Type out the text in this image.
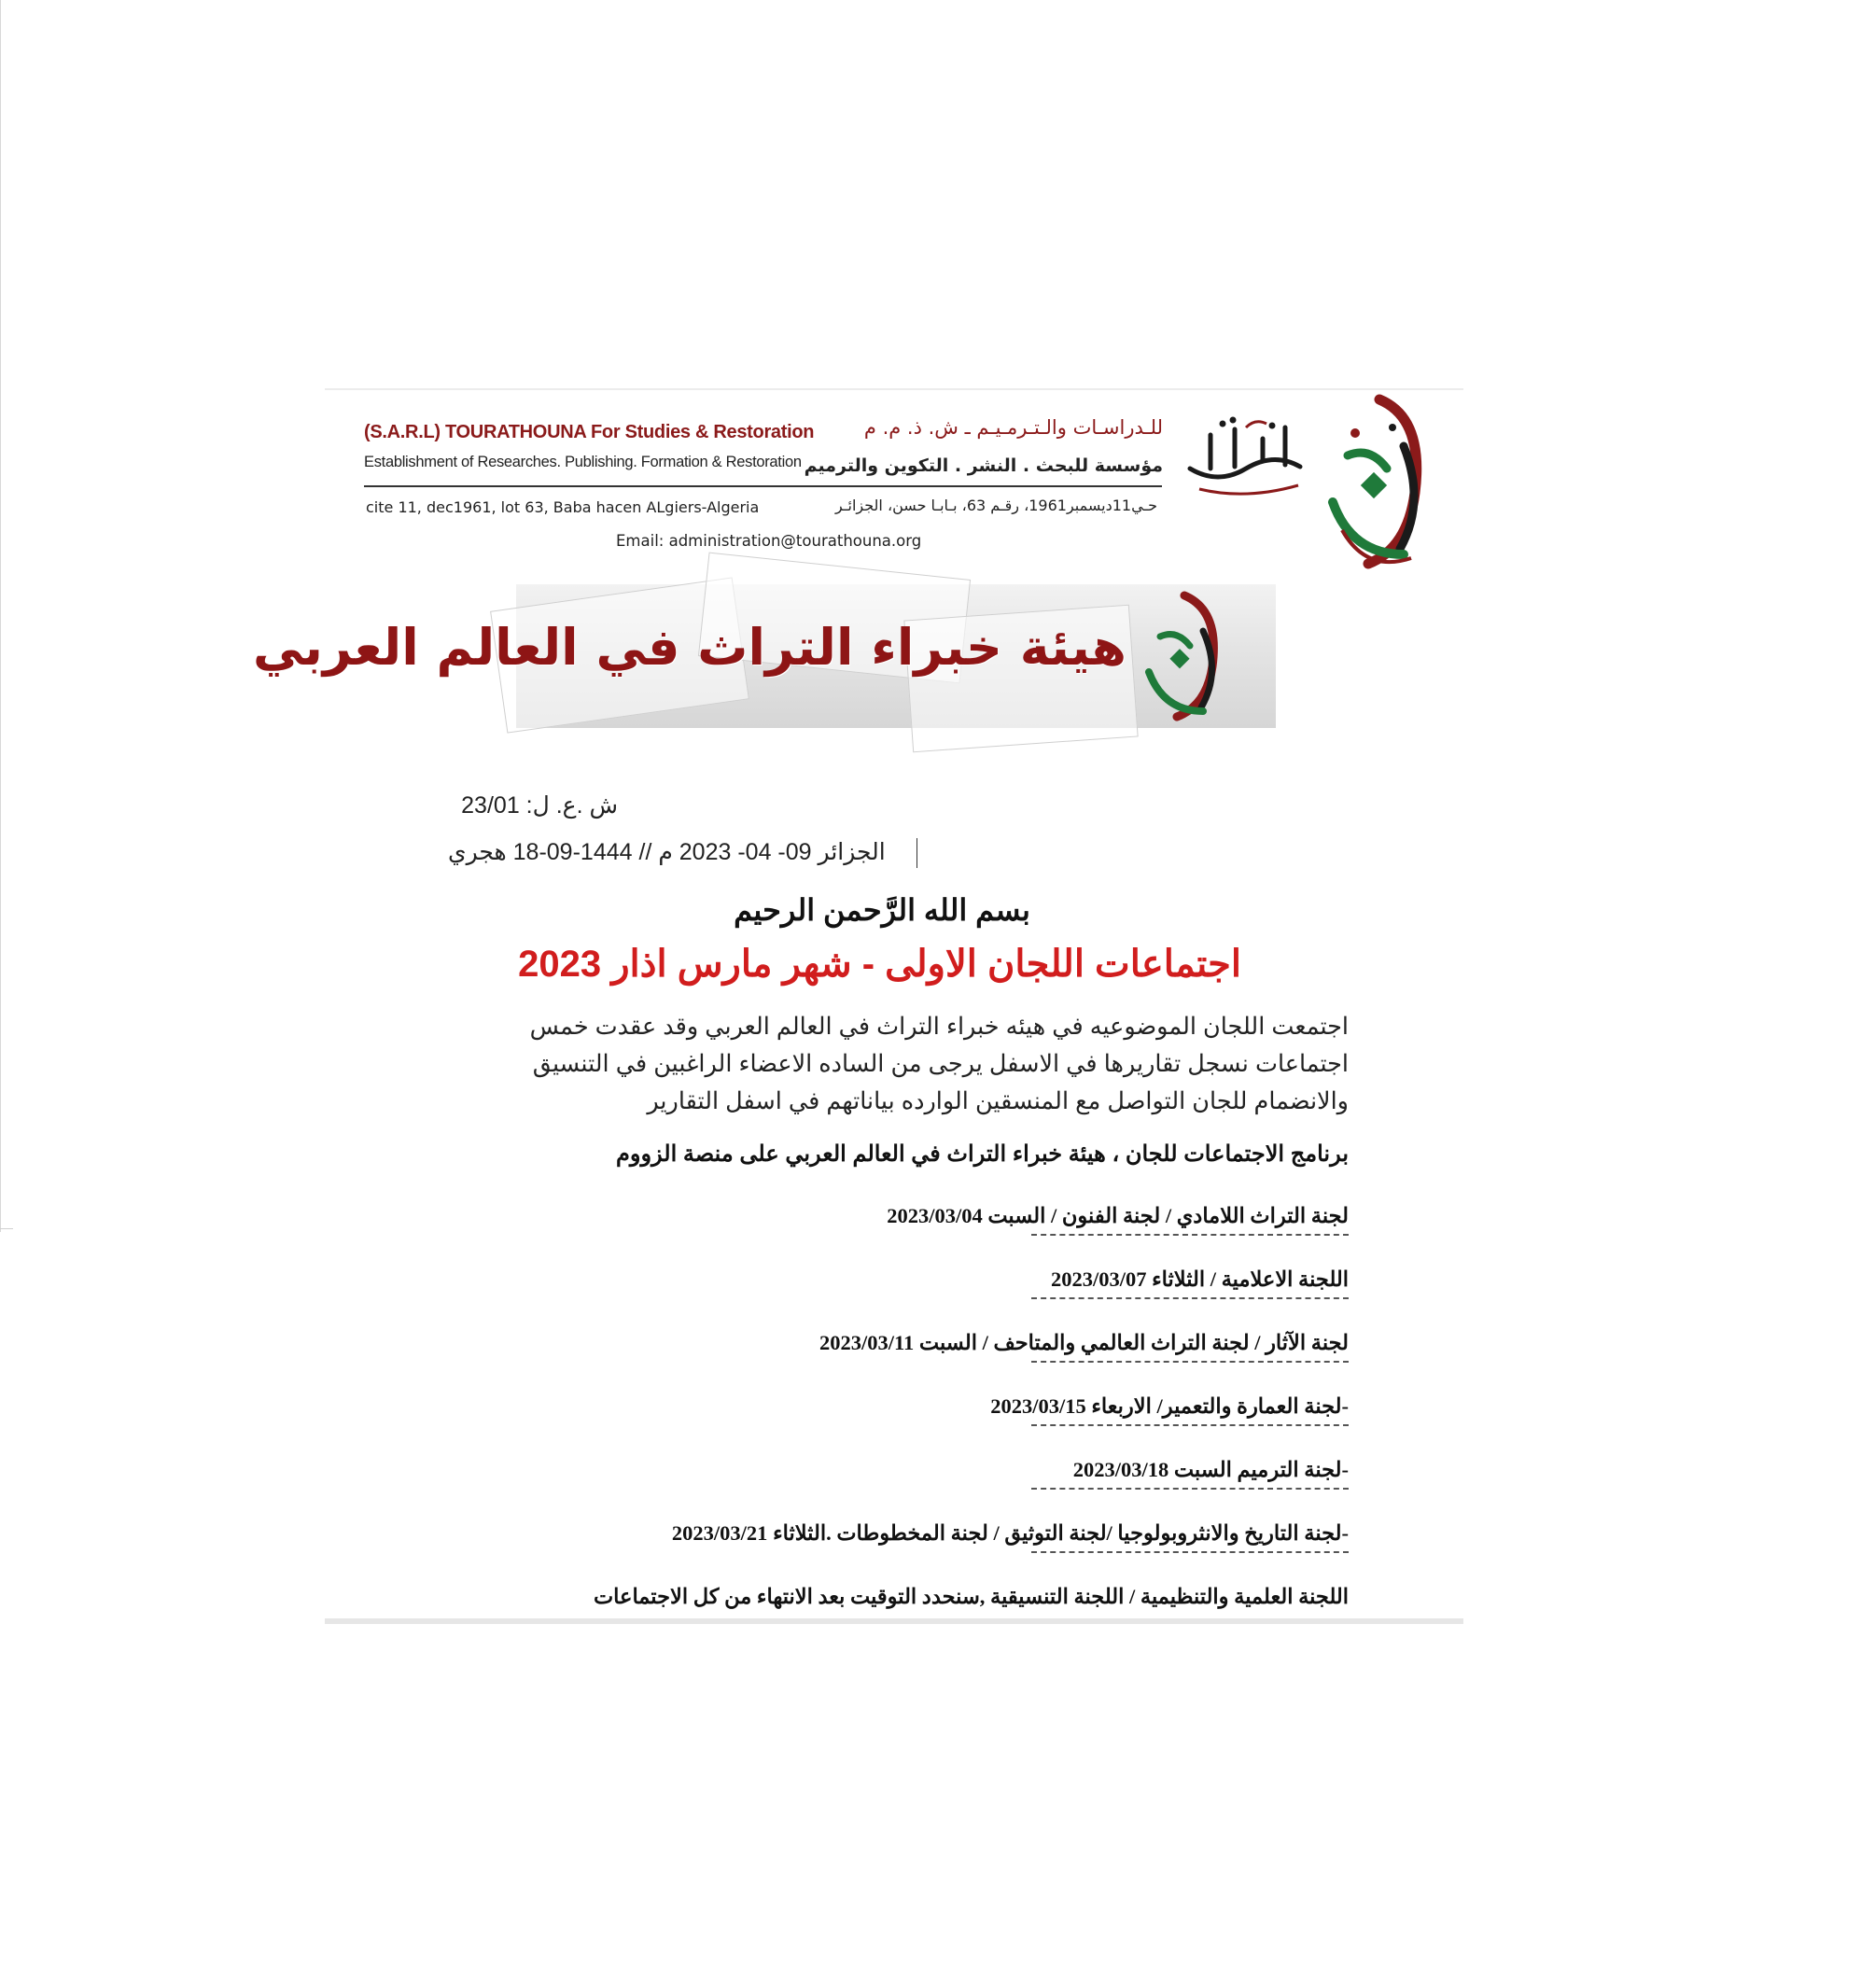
(S.A.R.L) TOURATHOUNA For Studies & Restoration
Establishment of Researches. Publishing. Formation & Restoration
للـدراسـات والـتـرمـيـم ـ ش. ذ. م. م
مؤسسة للبحث . النشر . التكوين والترميم
cite 11, dec1961, lot 63, Baba hacen ALgiers-Algeria	حـي11ديسمبر1961، رقـم 63، بـابـا حسن، الجزائـر
Email: administration@tourathouna.org
هيئة خبراء التراث في العالم العربي
ش .ع. ل: 23/01
الجزائر 09- 04- 2023 م // 1444-09-18 هجري
بسم الله الرَّحمن الرحيم
اجتماعات اللجان الاولى - شهر مارس اذار 2023
اجتمعت اللجان الموضوعيه في هيئه خبراء التراث في العالم العربي وقد عقدت خمس
اجتماعات نسجل تقاريرها في الاسفل يرجى من الساده الاعضاء الراغبين في التنسيق
والانضمام للجان التواصل مع المنسقين الوارده بياناتهم في اسفل التقارير
برنامج الاجتماعات للجان ، هيئة خبراء التراث في العالم العربي على منصة الزووم
لجنة التراث اللامادي / لجنة الفنون / السبت 2023/03/04
اللجنة الاعلامية / الثلاثاء 2023/03/07
لجنة الآثار / لجنة التراث العالمي والمتاحف / السبت 2023/03/11
-لجنة العمارة والتعمير/ الاربعاء 2023/03/15
-لجنة الترميم السبت 2023/03/18
-لجنة التاريخ والانثروبولوجيا /لجنة التوثيق / لجنة المخطوطات .الثلاثاء 2023/03/21
اللجنة العلمية والتنظيمية / اللجنة التنسيقية ,سنحدد التوقيت بعد الانتهاء من كل الاجتماعات
